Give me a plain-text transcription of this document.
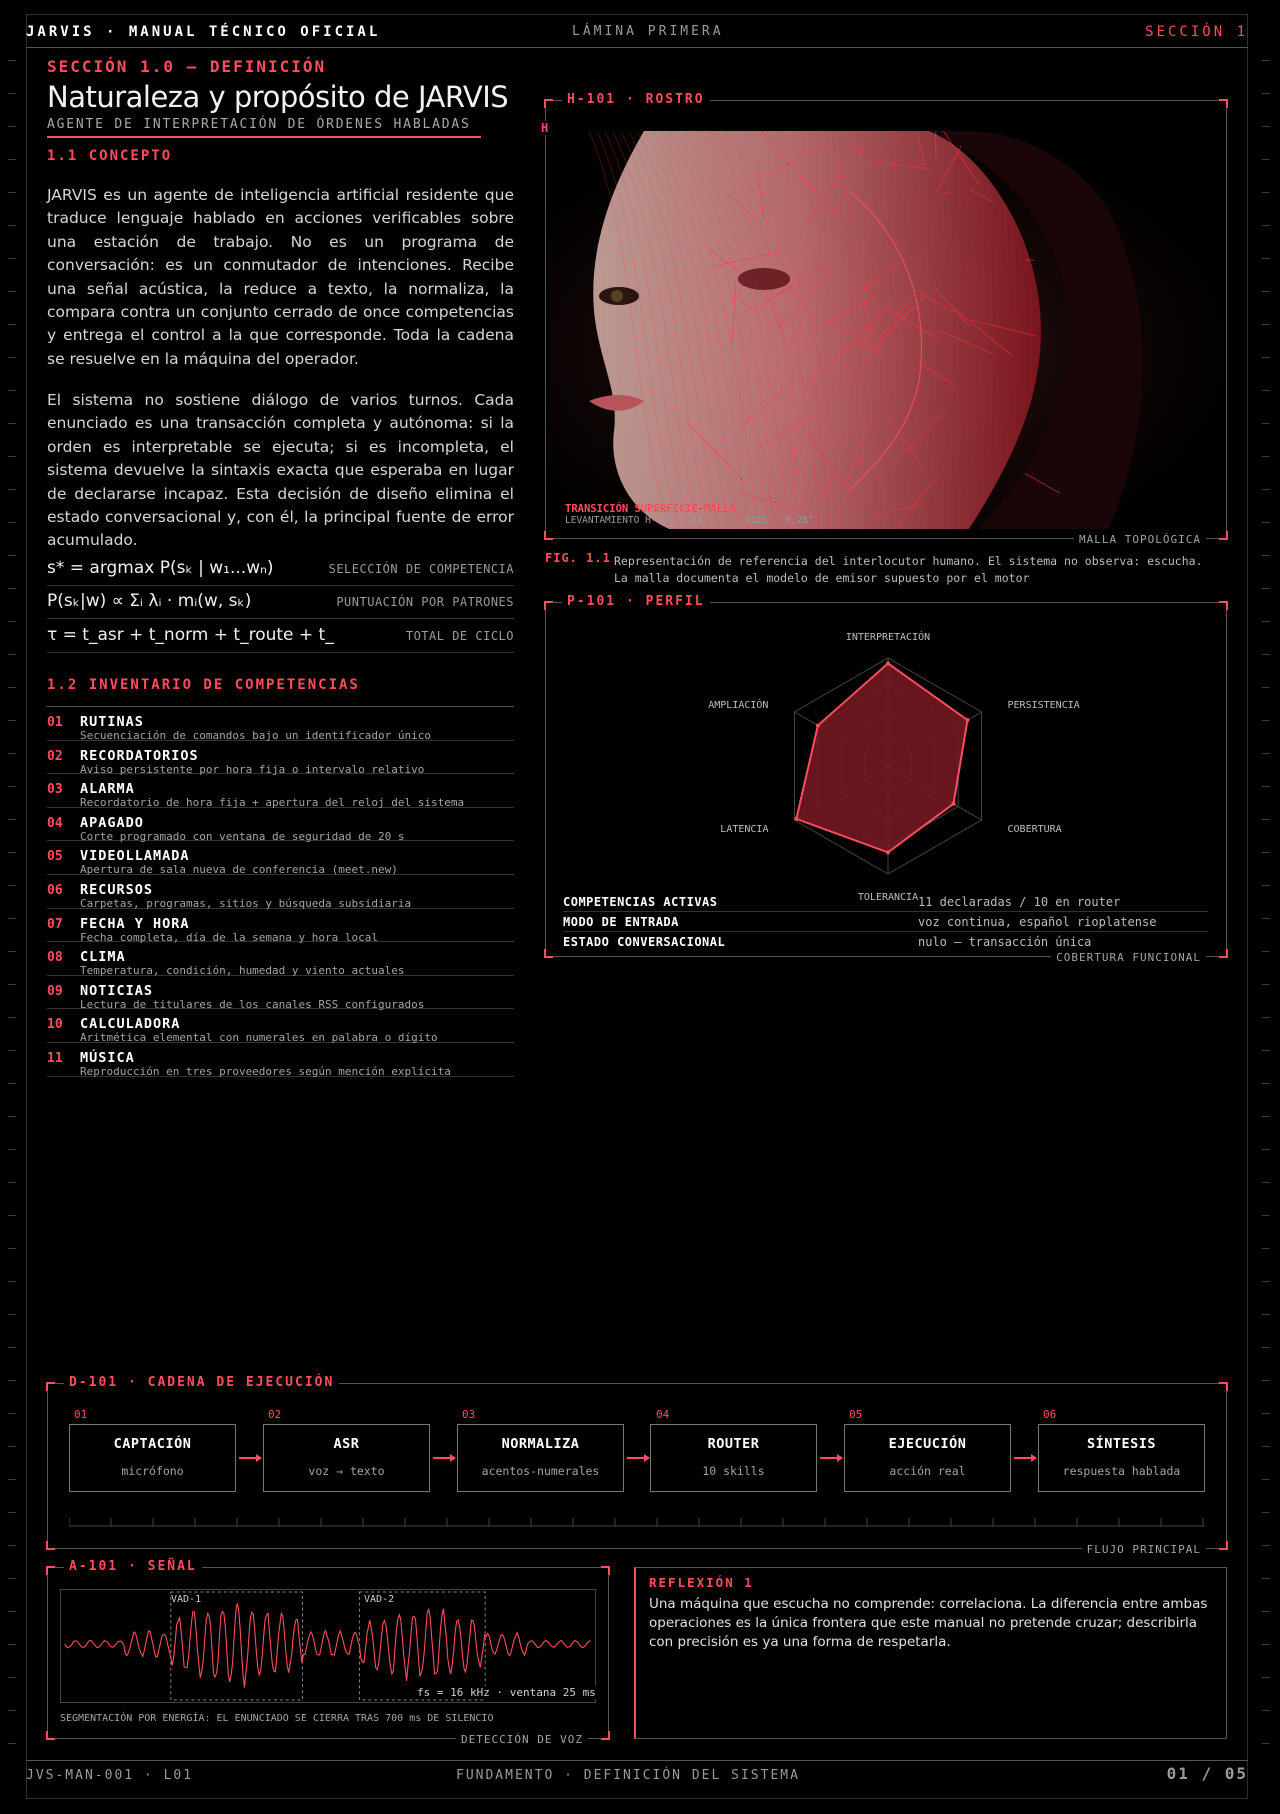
JARVIS · MANUAL TÉCNICO OFICIAL	LÁMINA PRIMERA	SECCIÓN 1
SECCIÓN 1.0 — DEFINICIÓN
Naturaleza y propósito de JARVIS
AGENTE DE INTERPRETACIÓN DE ÓRDENES HABLADAS
1.1 CONCEPTO
JARVIS es un agente de inteligencia artificial residente que traduce lenguaje hablado en acciones verificables sobre una estación de trabajo. No es un programa de conversación: es un conmutador de intenciones. Recibe una señal acústica, la reduce a texto, la normaliza, la compara contra un conjunto cerrado de once competencias y entrega el control a la que corresponde. Toda la cadena se resuelve en la máquina del operador.
El sistema no sostiene diálogo de varios turnos. Cada enunciado es una transacción completa y autónoma: si la orden es interpretable se ejecuta; si es incompleta, el sistema devuelve la sintaxis exacta que esperaba en lugar de declararse incapaz. Esta decisión de diseño elimina el estado conversacional y, con él, la principal fuente de error acumulado.
s* = argmax P(sₖ | w₁...wₙ)	SELECCIÓN DE COMPETENCIA
P(sₖ|w) ∝ Σᵢ λᵢ · mᵢ(w, sₖ)	PUNTUACIÓN POR PATRONES
τ = t_asr + t_norm + t_route + t_	TOTAL DE CICLO
1.2 INVENTARIO DE COMPETENCIAS
01 RUTINAS
Secuenciación de comandos bajo un identificador único
02 RECORDATORIOS
Aviso persistente por hora fija o intervalo relativo
03 ALARMA
Recordatorio de hora fija + apertura del reloj del sistema
04 APAGADO
Corte programado con ventana de seguridad de 20 s
05 VIDEOLLAMADA
Apertura de sala nueva de conferencia (meet.new)
06 RECURSOS
Carpetas, programas, sitios y búsqueda subsidiaria
07 FECHA Y HORA
Fecha completa, día de la semana y hora local
08 CLIMA
Temperatura, condición, humedad y viento actuales
09 NOTICIAS
Lectura de titulares de los canales RSS configurados
10 CALCULADORA
Aritmética elemental con numerales en palabra o dígito
11 MÚSICA
Reproducción en tres proveedores según mención explícita
H-101 · ROSTRO
MALLA TOPOLÓGICA
H
TRANSICIÓN SUPERFICIE-MALLA
LEVANTAMIENTO H-101 · 24	ICES · 0,25°
FIG. 1.1 Representación de referencia del interlocutor humano. El sistema no observa: escucha. La malla documenta el modelo de emisor supuesto por el motor
P-101 · PERFIL
COBERTURA FUNCIONAL
INTERPRETACIÓN
PERSISTENCIA
COBERTURA
TOLERANCIA
LATENCIA
AMPLIACIÓN
COMPETENCIAS ACTIVAS	11 declaradas / 10 en router
MODO DE ENTRADA	voz continua, español rioplatense
ESTADO CONVERSACIONAL	nulo — transacción única
D-101 · CADENA DE EJECUCIÓN
FLUJO PRINCIPAL
01
CAPTACIÓN
micrófono
02
ASR
voz → texto
03
NORMALIZA
acentos-numerales
04
ROUTER
10 skills
05
EJECUCIÓN
acción real
06
SÍNTESIS
respuesta hablada
A-101 · SEÑAL
DETECCIÓN DE VOZ
VAD-1	VAD-2
fs = 16 kHz · ventana 25 ms
SEGMENTACIÓN POR ENERGÍA: EL ENUNCIADO SE CIERRA TRAS 700 ms DE SILENCIO
REFLEXIÓN 1
Una máquina que escucha no comprende: correlaciona. La diferencia entre ambas operaciones es la única frontera que este manual no pretende cruzar; describirla con precisión es ya una forma de respetarla.
JVS-MAN-001 · L01	FUNDAMENTO · DEFINICIÓN DEL SISTEMA	01 / 05
